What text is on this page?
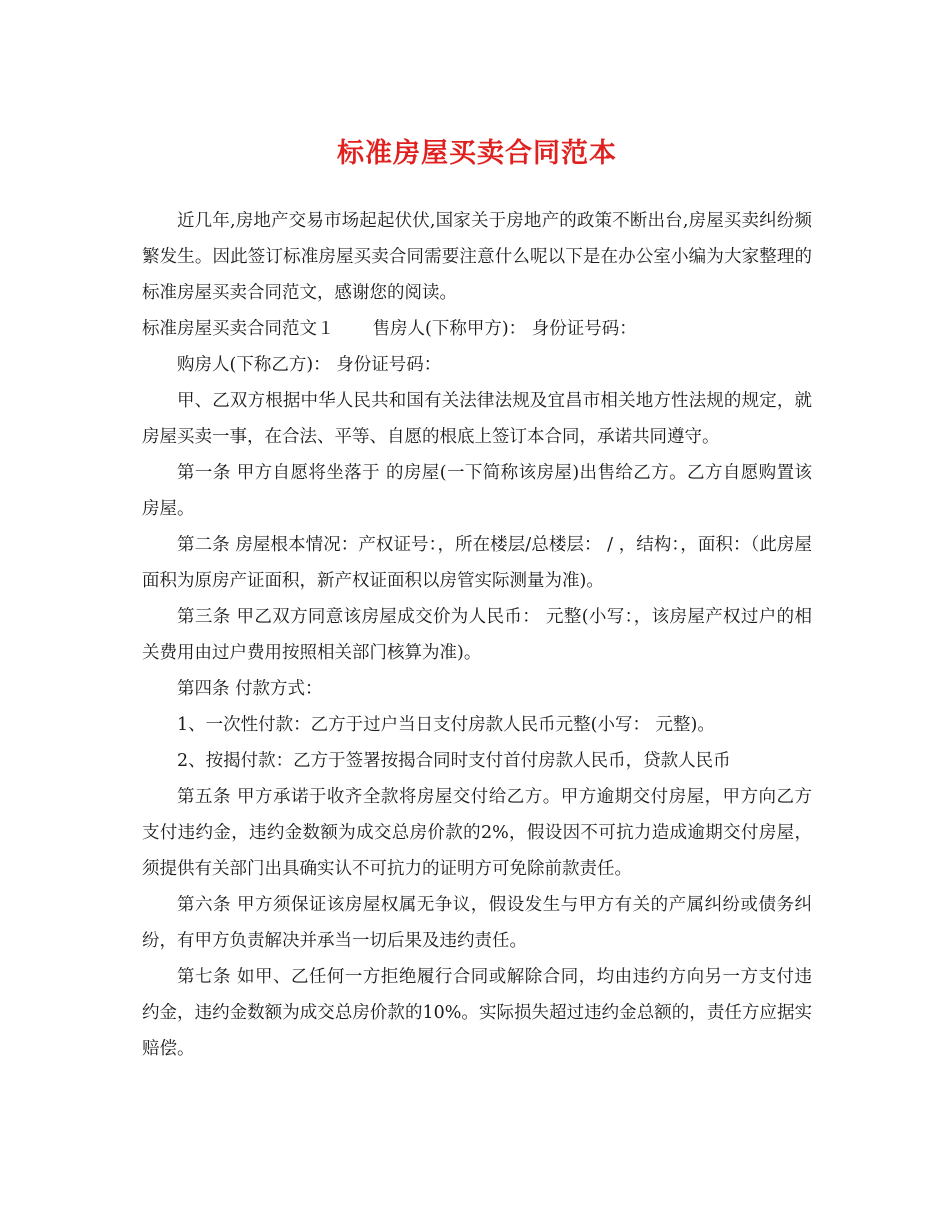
标准房屋买卖合同范本

近几年,房地产交易市场起起伏伏,国家关于房地产的政策不断出台,房屋买卖纠纷频繁发生。因此签订标准房屋买卖合同需要注意什么呢以下是在办公室小编为大家整理的标准房屋买卖合同范文，感谢您的阅读。

标准房屋买卖合同范文１ 售房人(下称甲方)： 身份证号码：

购房人(下称乙方)： 身份证号码：

甲、乙双方根据中华人民共和国有关法律法规及宜昌市相关地方性法规的规定，就房屋买卖一事，在合法、平等、自愿的根底上签订本合同，承诺共同遵守。

第一条 甲方自愿将坐落于 的房屋(一下简称该房屋)出售给乙方。乙方自愿购置该房屋。

第二条 房屋根本情况：产权证号：，所在楼层/总楼层： / ，结构：，面积：（此房屋面积为原房产证面积，新产权证面积以房管实际测量为准)。

第三条 甲乙双方同意该房屋成交价为人民币： 元整(小写：，该房屋产权过户的相关费用由过户费用按照相关部门核算为准)。

第四条 付款方式：

1、一次性付款：乙方于过户当日支付房款人民币元整(小写： 元整)。

2、按揭付款：乙方于签署按揭合同时支付首付房款人民币，贷款人民币

第五条 甲方承诺于收齐全款将房屋交付给乙方。甲方逾期交付房屋，甲方向乙方支付违约金，违约金数额为成交总房价款的2%，假设因不可抗力造成逾期交付房屋，须提供有关部门出具确实认不可抗力的证明方可免除前款责任。

第六条 甲方须保证该房屋权属无争议，假设发生与甲方有关的产属纠纷或债务纠纷，有甲方负责解决并承当一切后果及违约责任。

第七条 如甲、乙任何一方拒绝履行合同或解除合同，均由违约方向另一方支付违约金，违约金数额为成交总房价款的10%。实际损失超过违约金总额的，责任方应据实赔偿。
